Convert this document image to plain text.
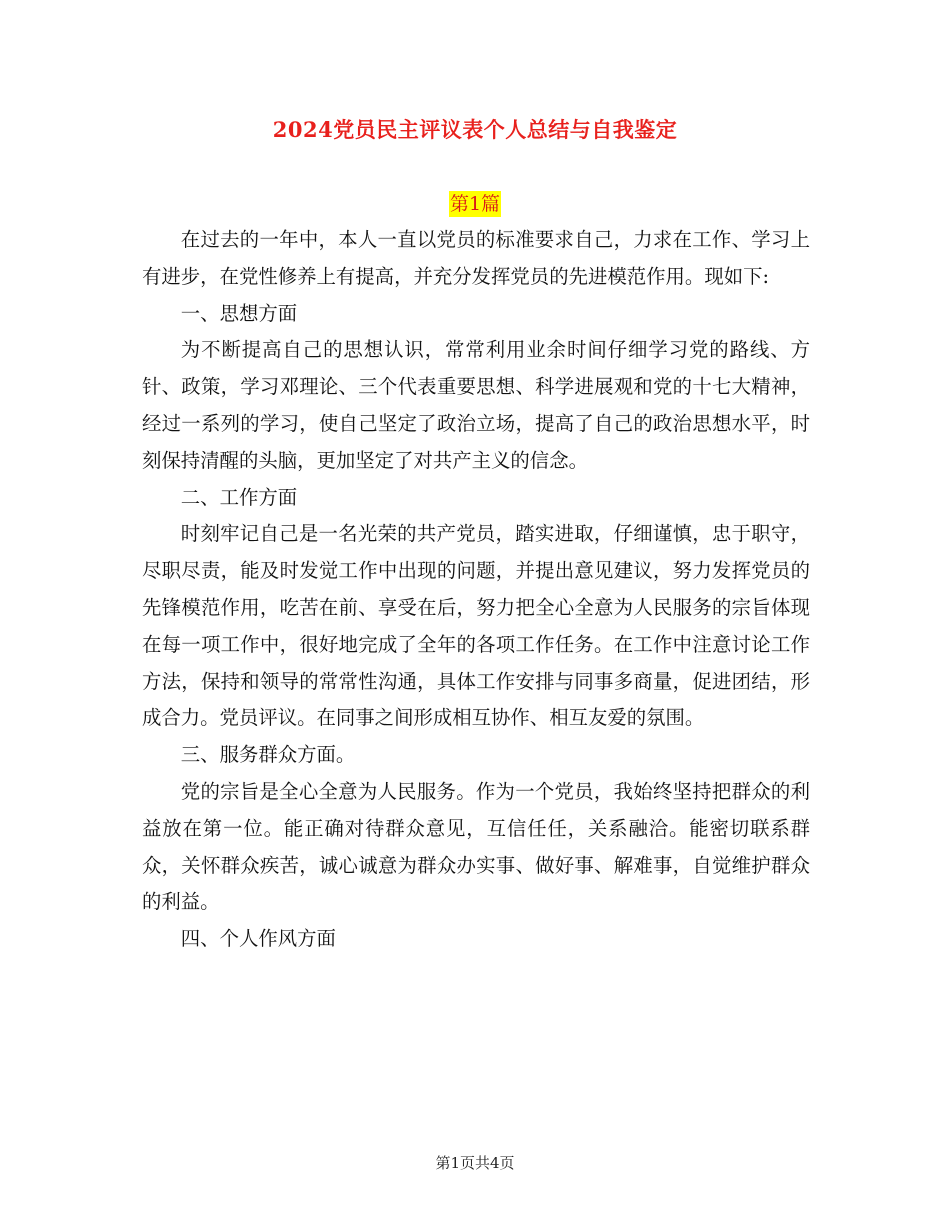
2024党员民主评议表个人总结与自我鉴定
第1篇

在过去的一年中，本人一直以党员的标准要求自己，力求在工作、学习上有进步，在党性修养上有提高，并充分发挥党员的先进模范作用。现如下:

一、思想方面

为不断提高自己的思想认识，常常利用业余时间仔细学习党的路线、方针、政策，学习邓理论、三个代表重要思想、科学进展观和党的十七大精神，经过一系列的学习，使自己坚定了政治立场，提高了自己的政治思想水平，时刻保持清醒的头脑，更加坚定了对共产主义的信念。

二、工作方面

时刻牢记自己是一名光荣的共产党员，踏实进取，仔细谨慎，忠于职守，尽职尽责，能及时发觉工作中出现的问题，并提出意见建议，努力发挥党员的先锋模范作用，吃苦在前、享受在后，努力把全心全意为人民服务的宗旨体现在每一项工作中，很好地完成了全年的各项工作任务。在工作中注意讨论工作方法，保持和领导的常常性沟通，具体工作安排与同事多商量，促进团结，形成合力。党员评议。在同事之间形成相互协作、相互友爱的氛围。

三、服务群众方面。

党的宗旨是全心全意为人民服务。作为一个党员，我始终坚持把群众的利益放在第一位。能正确对待群众意见，互信任任，关系融洽。能密切联系群众，关怀群众疾苦，诚心诚意为群众办实事、做好事、解难事，自觉维护群众的利益。

四、个人作风方面

第1页共4页
